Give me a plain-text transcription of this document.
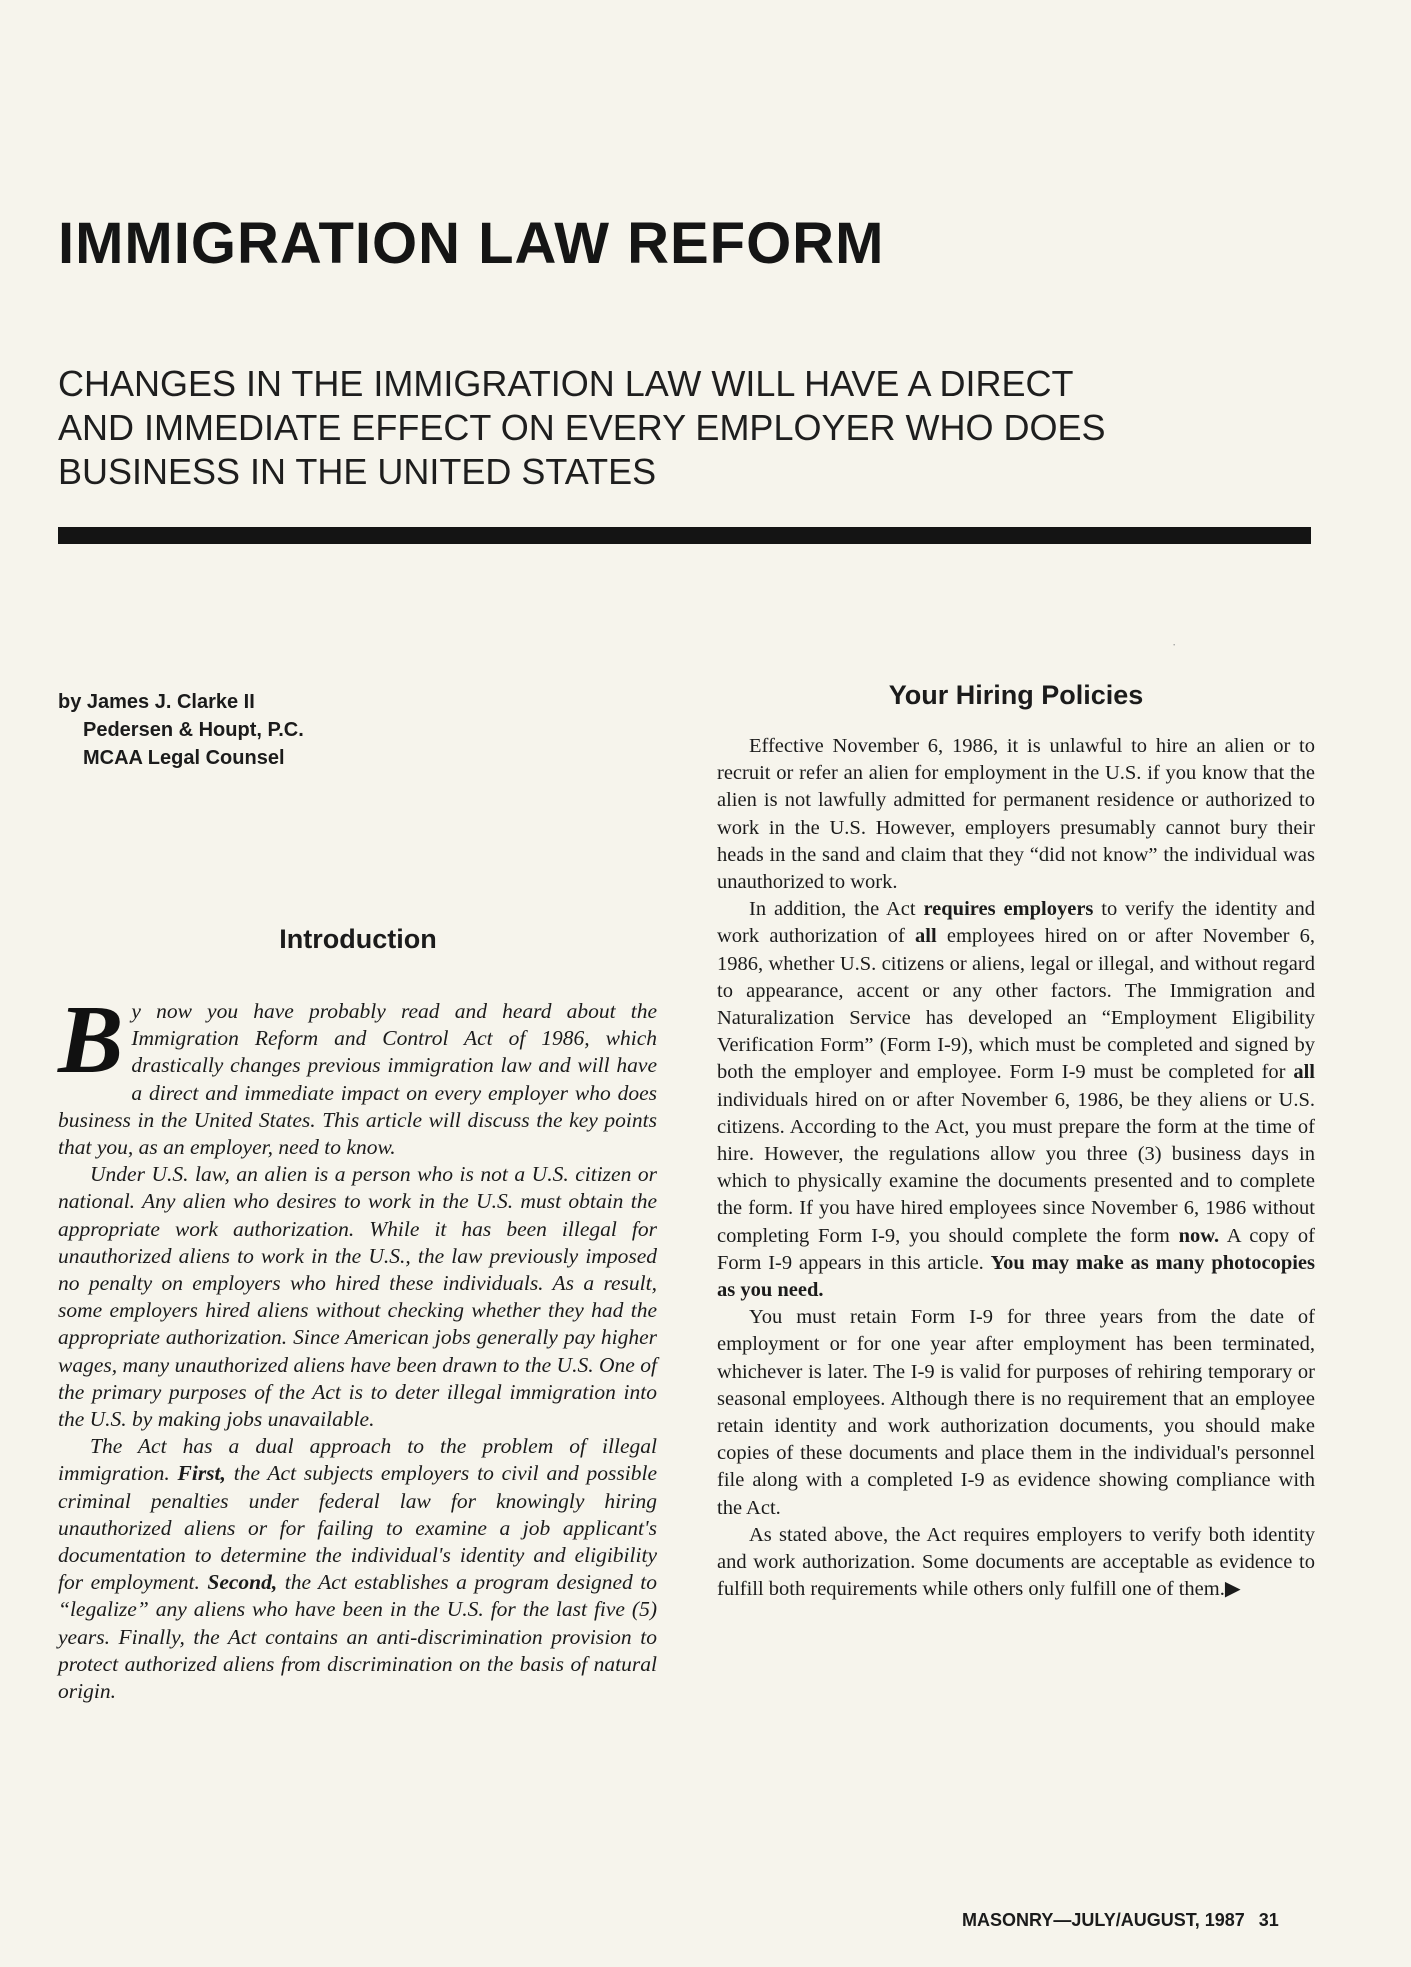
IMMIGRATION LAW REFORM
CHANGES IN THE IMMIGRATION LAW WILL HAVE A DIRECT
AND IMMEDIATE EFFECT ON EVERY EMPLOYER WHO DOES
BUSINESS IN THE UNITED STATES
·
by James J. Clarke II
Pedersen & Houpt, P.C.
MCAA Legal Counsel
Introduction

By now you have probably read and heard about the Immigration Reform and Control Act of 1986, which drastically changes previous immigration law and will have a direct and immediate impact on every employer who does business in the United States. This article will discuss the key points that you, as an employer, need to know.

Under U.S. law, an alien is a person who is not a U.S. citizen or national. Any alien who desires to work in the U.S. must obtain the appropriate work authorization. While it has been illegal for unauthorized aliens to work in the U.S., the law previously imposed no penalty on employers who hired these individuals. As a result, some employers hired aliens without checking whether they had the appropriate authorization. Since American jobs generally pay higher wages, many unauthorized aliens have been drawn to the U.S. One of the primary purposes of the Act is to deter illegal immigration into the U.S. by making jobs unavailable.

The Act has a dual approach to the problem of illegal immigration. First, the Act subjects employers to civil and possible criminal penalties under federal law for knowingly hiring unauthorized aliens or for failing to examine a job applicant's documentation to determine the individual's identity and eligibility for employment. Second, the Act establishes a program designed to “legalize” any aliens who have been in the U.S. for the last five (5) years. Finally, the Act contains an anti-discrimination provision to protect authorized aliens from discrimination on the basis of natural origin.

Your Hiring Policies

Effective November 6, 1986, it is unlawful to hire an alien or to recruit or refer an alien for employment in the U.S. if you know that the alien is not lawfully admitted for permanent residence or authorized to work in the U.S. However, employers presumably cannot bury their heads in the sand and claim that they “did not know” the individual was unauthorized to work.

In addition, the Act requires employers to verify the identity and work authorization of all employees hired on or after November 6, 1986, whether U.S. citizens or aliens, legal or illegal, and without regard to appearance, accent or any other factors. The Immigration and Naturalization Service has developed an “Employment Eligibility Verification Form” (Form I-9), which must be completed and signed by both the employer and employee. Form I-9 must be completed for all individuals hired on or after November 6, 1986, be they aliens or U.S. citizens. According to the Act, you must prepare the form at the time of hire. However, the regulations allow you three (3) business days in which to physically examine the documents presented and to complete the form. If you have hired employees since November 6, 1986 without completing Form I-9, you should complete the form now. A copy of Form I-9 appears in this article. You may make as many photocopies as you need.

You must retain Form I-9 for three years from the date of employment or for one year after employment has been terminated, whichever is later. The I-9 is valid for purposes of rehiring temporary or seasonal employees. Although there is no requirement that an employee retain identity and work authorization documents, you should make copies of these documents and place them in the individual's personnel file along with a completed I-9 as evidence showing compliance with the Act.

As stated above, the Act requires employers to verify both identity and work authorization. Some documents are acceptable as evidence to fulfill both requirements while others only fulfill one of them.▶

MASONRY—JULY/AUGUST, 1987 31
